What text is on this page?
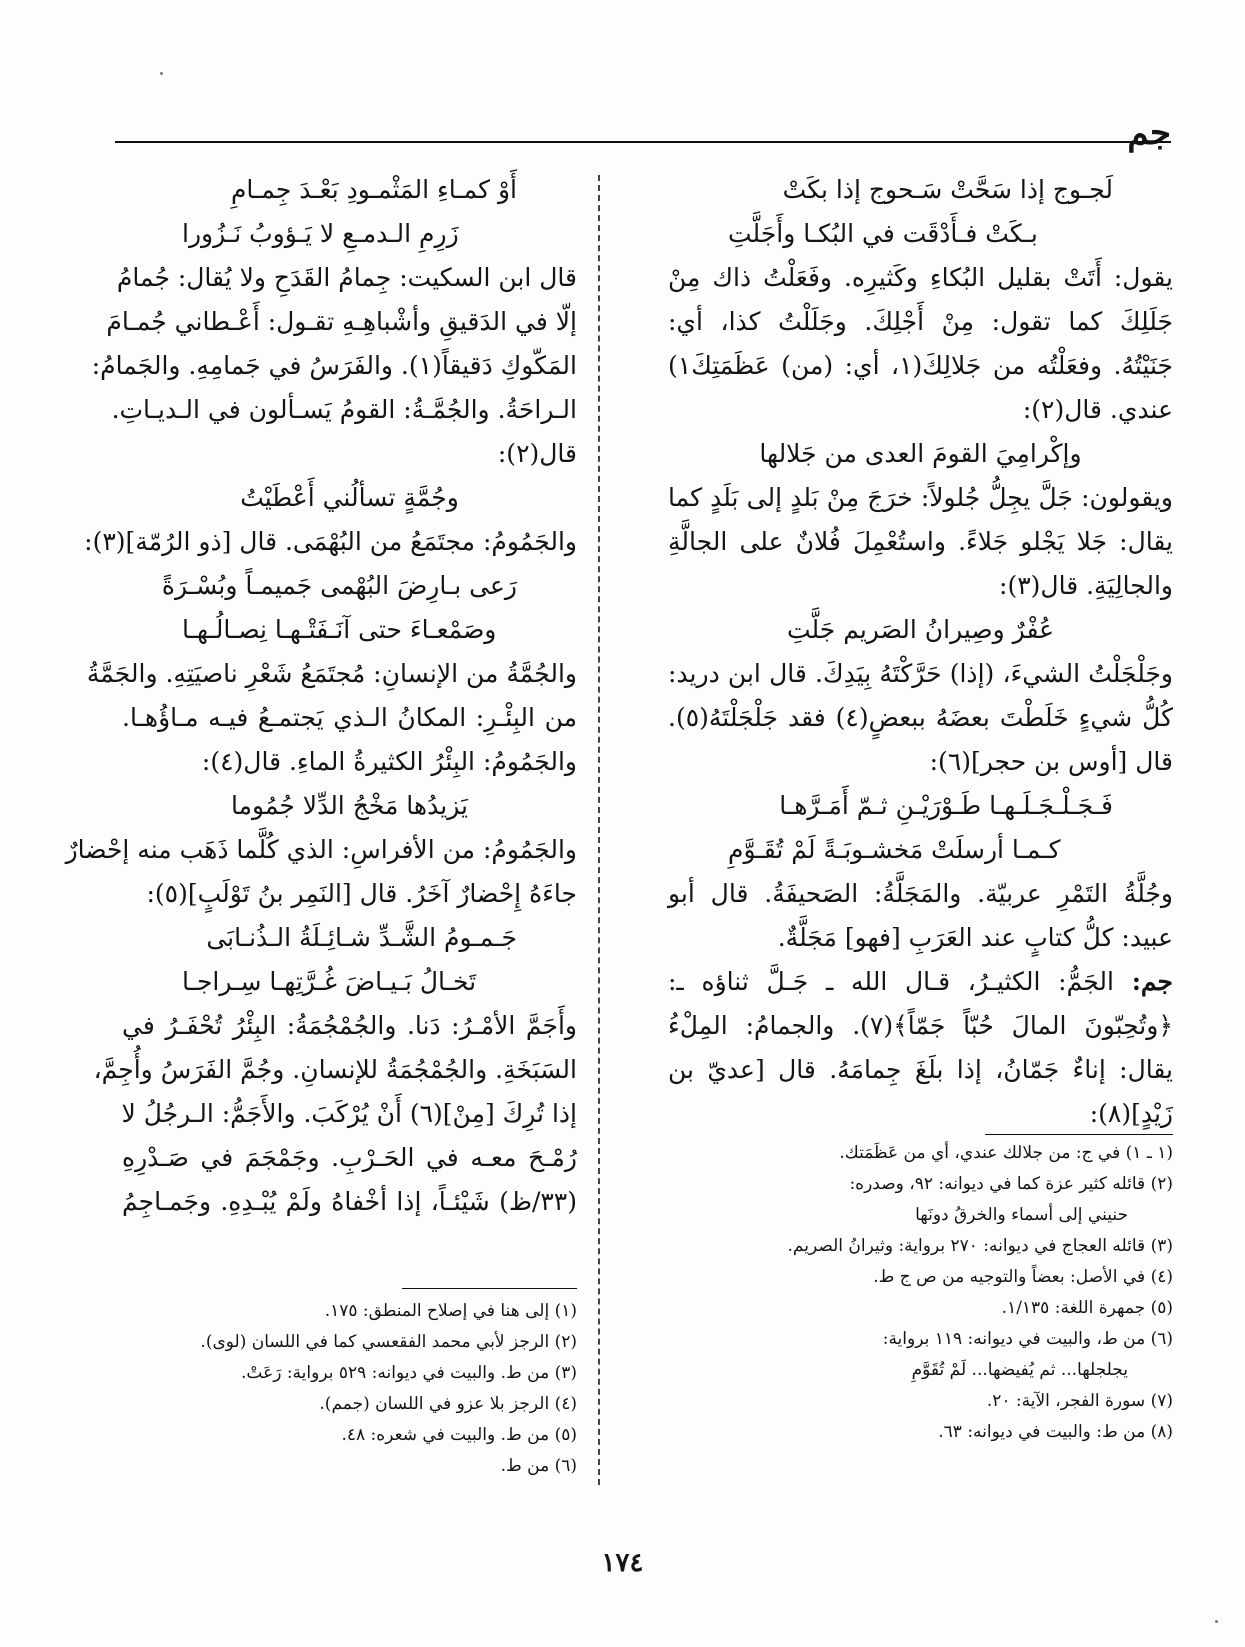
جم
لَجـوج إذا سَحَّتْ سَـحوج إذا بكَتْ
بـكَتْ فـأَدْقَت في البُكـا وأَجَلَّتِ
يقول: أَتَتْ بقليل البُكاءِ وكَثيرِه. وفَعَلْتُ ذاك مِنْ
جَلَلِكَ كما تقول: مِنْ أَجْلِكَ. وجَلَلْتُ كذا، أي:
جَنَيْتُهُ. وفعَلْتُه من جَلالِكَ(١، أي: (من) عَظَمَتِكَ١)
عندي. قال(٢):
وإكْرامِيَ القومَ العدى من جَلالها
ويقولون: جَلَّ يجِلُّ جُلولاً: خرَجَ مِنْ بَلدٍ إلى بَلَدٍ كما
يقال: جَلا يَجْلو جَلاءً. واستُعْمِلَ فُلانٌ على الجالَّةِ
والجالِيَةِ. قال(٣):
عُفْرٌ وصِيرانُ الصَريم جَلَّتِ
وجَلْجَلْتُ الشيءَ، (إذا) حَرَّكْتَهُ بِيَدِكَ. قال ابن دريد:
كُلُّ شيءٍ خَلَطْتَ بعضَهُ ببعضٍ(٤) فقد جَلْجَلْتَهُ(٥).
قال [أوس بن حجر](٦):
فَـجَـلْـجَـلَـهـا طَـوْرَيْـنِ ثـمّ أَمَـرَّهـا
كـمـا أرسلَتْ مَخشـوبَـةً لَمْ تُقَـوَّمِ
وجُلَّةُ التَمْرِ عربيّة. والمَجَلَّةُ: الصَحيفَةُ. قال أبو
عبيد: كلُّ كتابٍ عند العَرَبِ [فهو] مَجَلَّةٌ.
جم: الجَمُّ: الكثيـرُ، قـال الله ـ جَـلَّ ثناؤه ـ:
﴿وتُحِبّونَ المالَ حُبّاً جَمّاً﴾(٧). والجمامُ: المِلْءُ
يقال: إناءٌ جَمّانُ، إذا بلَغَ جِمامَهُ. قال [عديّ بن
زَيْدٍ](٨):
أَوْ كمـاءِ المَثْمـودِ بَعْـدَ جِمـامِ
زَرِمِ الـدمـعِ لا يَـؤوبُ نَـزُورا
قال ابن السكيت: جِمامُ القَدَحِ ولا يُقال: جُمامُ
إلّا في الدَقيقِ وأشْباهِـهِ تقـول: أَعْـطاني جُمـامَ
المَكّوكِ دَقيقاً(١). والفَرَسُ في جَمامِهِ. والجَمامُ:
الـراحَةُ. والجُمَّـةُ: القومُ يَسـألون في الـديـاتِ.
قال(٢):
وجُمَّةٍ تسألُني أَعْطَيْتُ
والجَمُومُ: مجتَمَعُ من البُهْمَى. قال [ذو الرُمّة](٣):
رَعى بـارِضَ البُهْمى جَميمـاً وبُسْـرَةً
وصَمْعـاءَ حتى آنَـفَتْـهـا نِصـالُـهـا
والجُمَّةُ من الإنسانِ: مُجتَمَعُ شَعْرِ ناصيَتِهِ. والجَمَّةُ
من البِئْـرِ: المكانُ الـذي يَجتمـعُ فيـه مـاؤُهـا.
والجَمُومُ: البِئْرُ الكثيرةُ الماءِ. قال(٤):
يَزيدُها مَخْجُ الدِّلا جُمُوما
والجَمُومُ: من الأفراسِ: الذي كُلَّما ذَهَب منه إحْضارٌ
جاءَهُ إِحْضارٌ آخَرُ. قال [النَمِر بنُ تَوْلَبٍ](٥):
جَـمـومُ الشَّـدِّ شـائِـلَةُ الـذُنـابَى
تَخـالُ بَـيـاضَ غُـرَّتِهـا سِـراجـا
وأَجَمَّ الأمْـرُ: دَنا. والجُمْجُمَةُ: البِئْرُ تُحْفَـرُ في
السَبَخَةِ. والجُمْجُمَةُ للإنسانِ. وجُمَّ الفَرَسُ وأُجِمَّ،
إذا تُرِكَ [مِنْ](٦) أَنْ يُرْكَبَ. والأَجَمُّ: الـرجُلُ لا
رُمْـحَ معـه في الحَـرْبِ. وجَمْجَمَ في صَـدْرِهِ
(٣٣/ظ) شَيْئـاً، إذا أخْفاهُ ولَمْ يُبْـدِهِ. وجَمـاجِمُ
(١ ـ ١) في ج: من جلالك عندي، أي من عَظَمَتك.
(٢) قائله كثير عزة كما في ديوانه: ٩٢، وصدره:
حنيني إلى أسماء والخرقُ دونَها
(٣) قائله العجاج في ديوانه: ٢٧٠ برواية: وثيرانُ الصريم.
(٤) في الأصل: بعضاً والتوجيه من ص ج ط.
(٥) جمهرة اللغة: ١/١٣٥.
(٦) من ط، والبيت في ديوانه: ١١٩ برواية:
يجلجلها... ثم يُفيضها... لَمْ تُقَوَّمِ
(٧) سورة الفجر، الآية: ٢٠.
(٨) من ط: والبيت في ديوانه: ٦٣.
(١) إلى هنا في إصلاح المنطق: ١٧٥.
(٢) الرجز لأبي محمد الفقعسي كما في اللسان (لوى).
(٣) من ط. والبيت في ديوانه: ٥٢٩ برواية: رَعَتْ.
(٤) الرجز بلا عزو في اللسان (جمم).
(٥) من ط. والبيت في شعره: ٤٨.
(٦) من ط.
١٧٤
